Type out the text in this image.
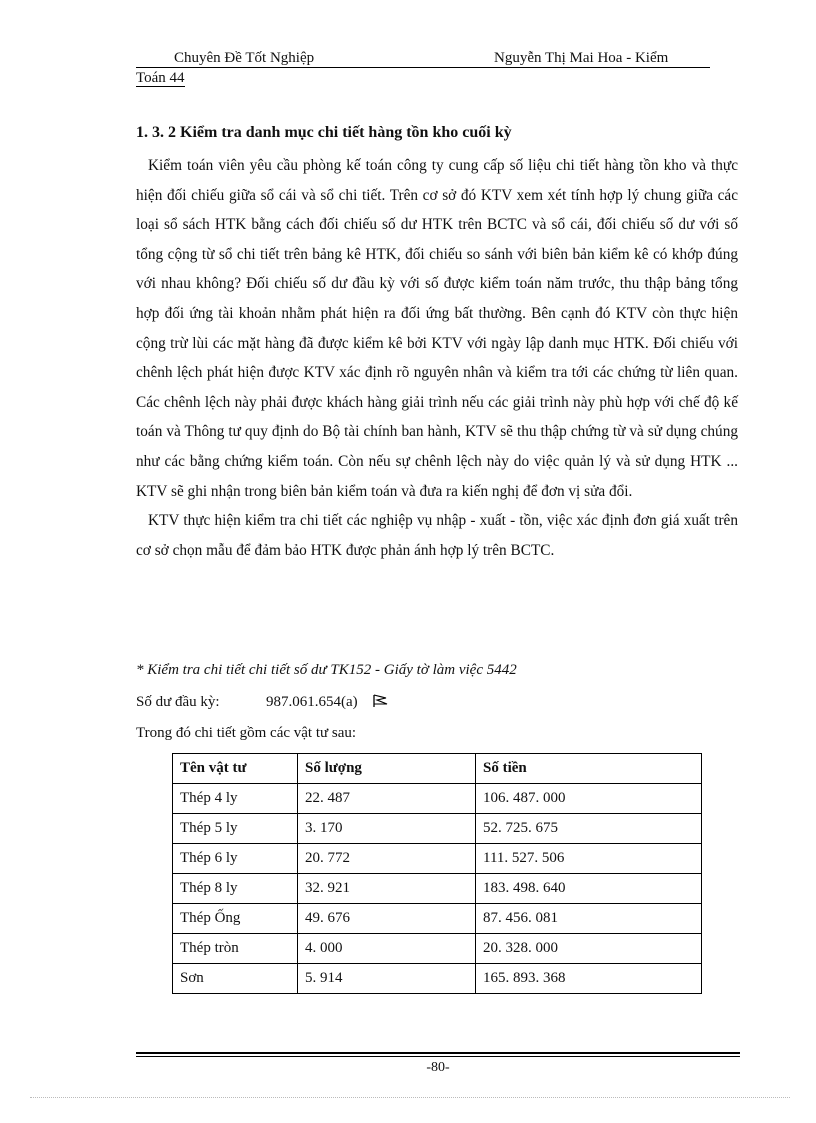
Chuyên Đề Tốt Nghiệp	Nguyễn Thị Mai Hoa - Kiểm
Toán 44
1. 3. 2 Kiểm tra danh mục chi tiết hàng tồn kho cuối kỳ

Kiểm toán viên yêu cầu phòng kế toán công ty cung cấp số liệu chi tiết hàng tồn kho và thực hiện đối chiếu giữa sổ cái và sổ chi tiết. Trên cơ sở đó KTV xem xét tính hợp lý chung giữa các loại sổ sách HTK bằng cách đối chiếu số dư HTK trên BCTC và sổ cái, đối chiếu số dư với số tổng cộng từ sổ chi tiết trên bảng kê HTK, đối chiếu so sánh với biên bản kiểm kê có khớp đúng với nhau không? Đối chiếu số dư đầu kỳ với số được kiểm toán năm trước, thu thập bảng tổng hợp đối ứng tài khoản nhằm phát hiện ra đối ứng bất thường. Bên cạnh đó KTV còn thực hiện cộng trừ lùi các mặt hàng đã được kiểm kê bởi KTV với ngày lập danh mục HTK. Đối chiếu với chênh lệch phát hiện được KTV xác định rõ nguyên nhân và kiểm tra tới các chứng từ liên quan. Các chênh lệch này phải được khách hàng giải trình nếu các giải trình này phù hợp với chế độ kế toán và Thông tư quy định do Bộ tài chính ban hành, KTV sẽ thu thập chứng từ và sử dụng chúng như các bằng chứng kiểm toán. Còn nếu sự chênh lệch này do việc quản lý và sử dụng HTK ... KTV sẽ ghi nhận trong biên bản kiểm toán và đưa ra kiến nghị để đơn vị sửa đổi.

KTV thực hiện kiểm tra chi tiết các nghiệp vụ nhập - xuất - tồn, việc xác định đơn giá xuất trên cơ sở chọn mẫu để đảm bảo HTK được phản ánh hợp lý trên BCTC.

* Kiểm tra chi tiết chi tiết số dư TK152 - Giấy tờ làm việc 5442
Số dư đầu kỳ:	987.061.654(a)
Trong đó chi tiết gồm các vật tư sau:
Tên vật tư	Số lượng	Số tiền
Thép 4 ly	22. 487	106. 487. 000
Thép 5 ly	3. 170	52. 725. 675
Thép 6 ly	20. 772	111. 527. 506
Thép 8 ly	32. 921	183. 498. 640
Thép Ống	49. 676	87. 456. 081
Thép tròn	4. 000	20. 328. 000
Sơn	5. 914	165. 893. 368
-80-
